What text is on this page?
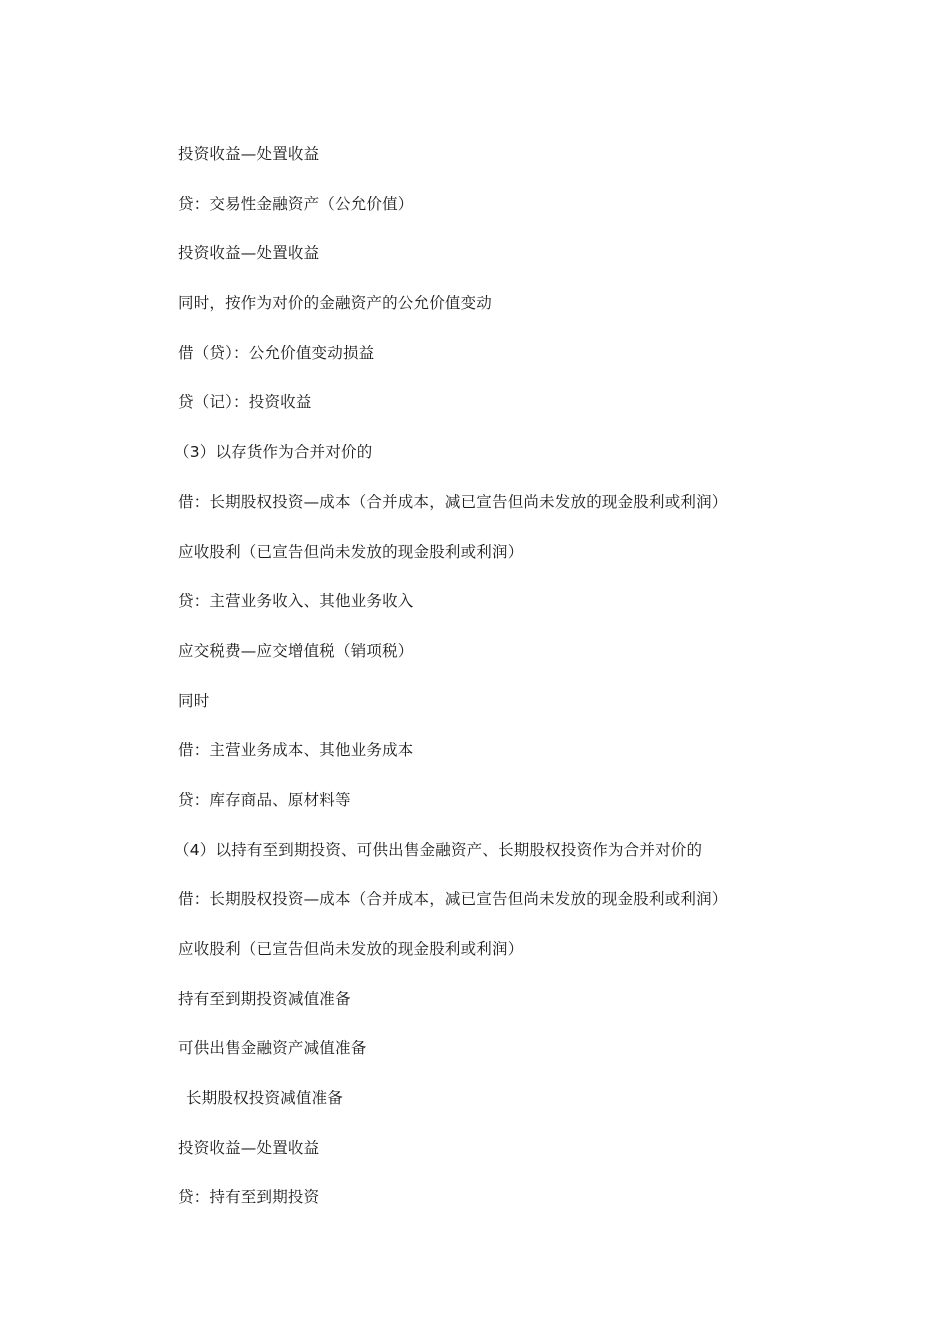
投资收益—处置收益
贷：交易性金融资产（公允价值）
投资收益—处置收益
同时，按作为对价的金融资产的公允价值变动
借（贷）：公允价值变动损益
贷（记）：投资收益
（3）以存货作为合并对价的
借：长期股权投资—成本（合并成本，减已宣告但尚未发放的现金股利或利润）
应收股利（已宣告但尚未发放的现金股利或利润）
贷：主营业务收入、其他业务收入
应交税费—应交增值税（销项税）
同时
借：主营业务成本、其他业务成本
贷：库存商品、原材料等
（4）以持有至到期投资、可供出售金融资产、长期股权投资作为合并对价的
借：长期股权投资—成本（合并成本，减已宣告但尚未发放的现金股利或利润）
应收股利（已宣告但尚未发放的现金股利或利润）
持有至到期投资减值准备
可供出售金融资产减值准备
长期股权投资减值准备
投资收益—处置收益
贷：持有至到期投资
